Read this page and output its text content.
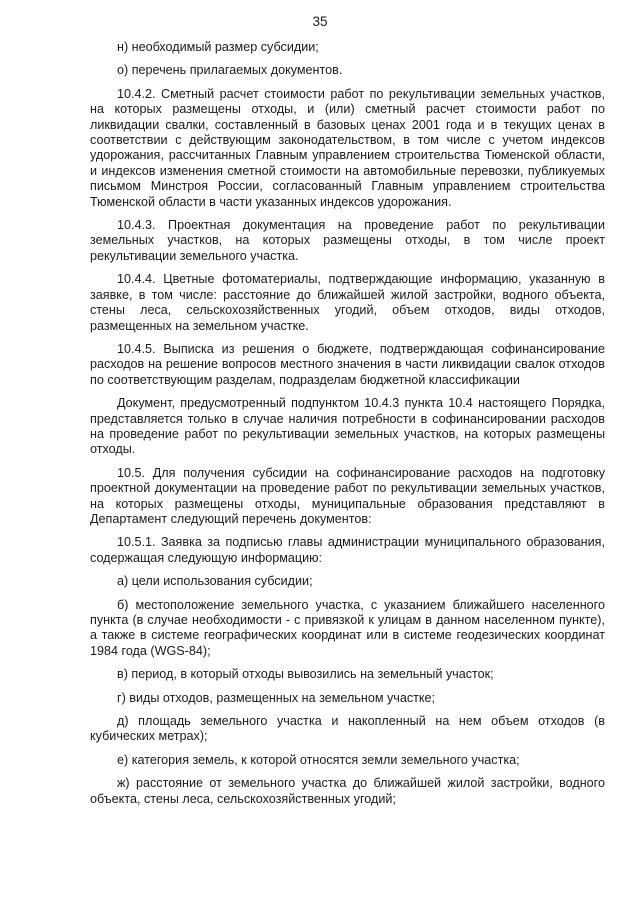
35

н) необходимый размер субсидии;

о) перечень прилагаемых документов.

10.4.2. Сметный расчет стоимости работ по рекультивации земельных участков, на которых размещены отходы, и (или) сметный расчет стоимости работ по ликвидации свалки, составленный в базовых ценах 2001 года и в текущих ценах в соответствии с действующим законодательством, в том числе с учетом индексов удорожания, рассчитанных Главным управлением строительства Тюменской области, и индексов изменения сметной стоимости на автомобильные перевозки, публикуемых письмом Минстроя России, согласованный Главным управлением строительства Тюменской области в части указанных индексов удорожания.

10.4.3. Проектная документация на проведение работ по рекультивации земельных участков, на которых размещены отходы, в том числе проект рекультивации земельного участка.

10.4.4. Цветные фотоматериалы, подтверждающие информацию, указанную в заявке, в том числе: расстояние до ближайшей жилой застройки, водного объекта, стены леса, сельскохозяйственных угодий, объем отходов, виды отходов, размещенных на земельном участке.

10.4.5. Выписка из решения о бюджете, подтверждающая софинансирование расходов на решение вопросов местного значения в части ликвидации свалок отходов по соответствующим разделам, подразделам бюджетной классификации

Документ, предусмотренный подпунктом 10.4.3 пункта 10.4 настоящего Порядка, представляется только в случае наличия потребности в софинансировании расходов на проведение работ по рекультивации земельных участков, на которых размещены отходы.

10.5. Для получения субсидии на софинансирование расходов на подготовку проектной документации на проведение работ по рекультивации земельных участков, на которых размещены отходы, муниципальные образования представляют в Департамент следующий перечень документов:

10.5.1. Заявка за подписью главы администрации муниципального образования, содержащая следующую информацию:

а) цели использования субсидии;

б) местоположение земельного участка, с указанием ближайшего населенного пункта (в случае необходимости - с привязкой к улицам в данном населенном пункте), а также в системе географических координат или в системе геодезических координат 1984 года (WGS-84);

в) период, в который отходы вывозились на земельный участок;

г) виды отходов, размещенных на земельном участке;

д) площадь земельного участка и накопленный на нем объем отходов (в кубических метрах);

е) категория земель, к которой относятся земли земельного участка;

ж) расстояние от земельного участка до ближайшей жилой застройки, водного объекта, стены леса, сельскохозяйственных угодий;
